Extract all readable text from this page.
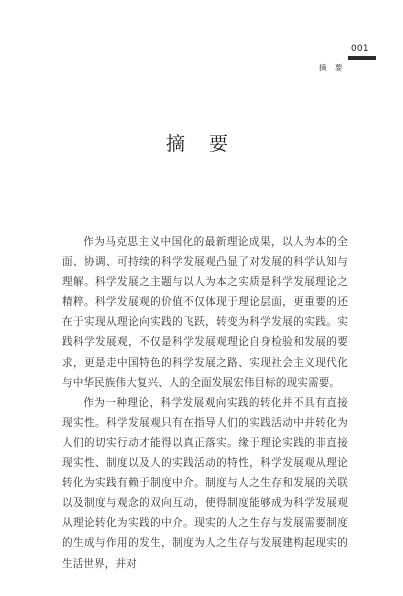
001
摘 要
摘 要

作为马克思主义中国化的最新理论成果，以人为本的全面、协调、可持续的科学发展观凸显了对发展的科学认知与理解。科学发展之主题与以人为本之实质是科学发展理论之精粹。科学发展观的价值不仅体现于理论层面，更重要的还在于实现从理论向实践的飞跃，转变为科学发展的实践。实践科学发展观，不仅是科学发展观理论自身检验和发展的要求，更是走中国特色的科学发展之路、实现社会主义现代化与中华民族伟大复兴、人的全面发展宏伟目标的现实需要。

作为一种理论，科学发展观向实践的转化并不具有直接现实性。科学发展观只有在指导人们的实践活动中并转化为人们的切实行动才能得以真正落实。缘于理论实践的非直接现实性、制度以及人的实践活动的特性，科学发展观从理论转化为实践有赖于制度中介。制度与人之生存和发展的关联以及制度与观念的双向互动，使得制度能够成为科学发展观从理论转化为实践的中介。现实的人之生存与发展需要制度的生成与作用的发生，制度为人之生存与发展建构起现实的生活世界，并对
